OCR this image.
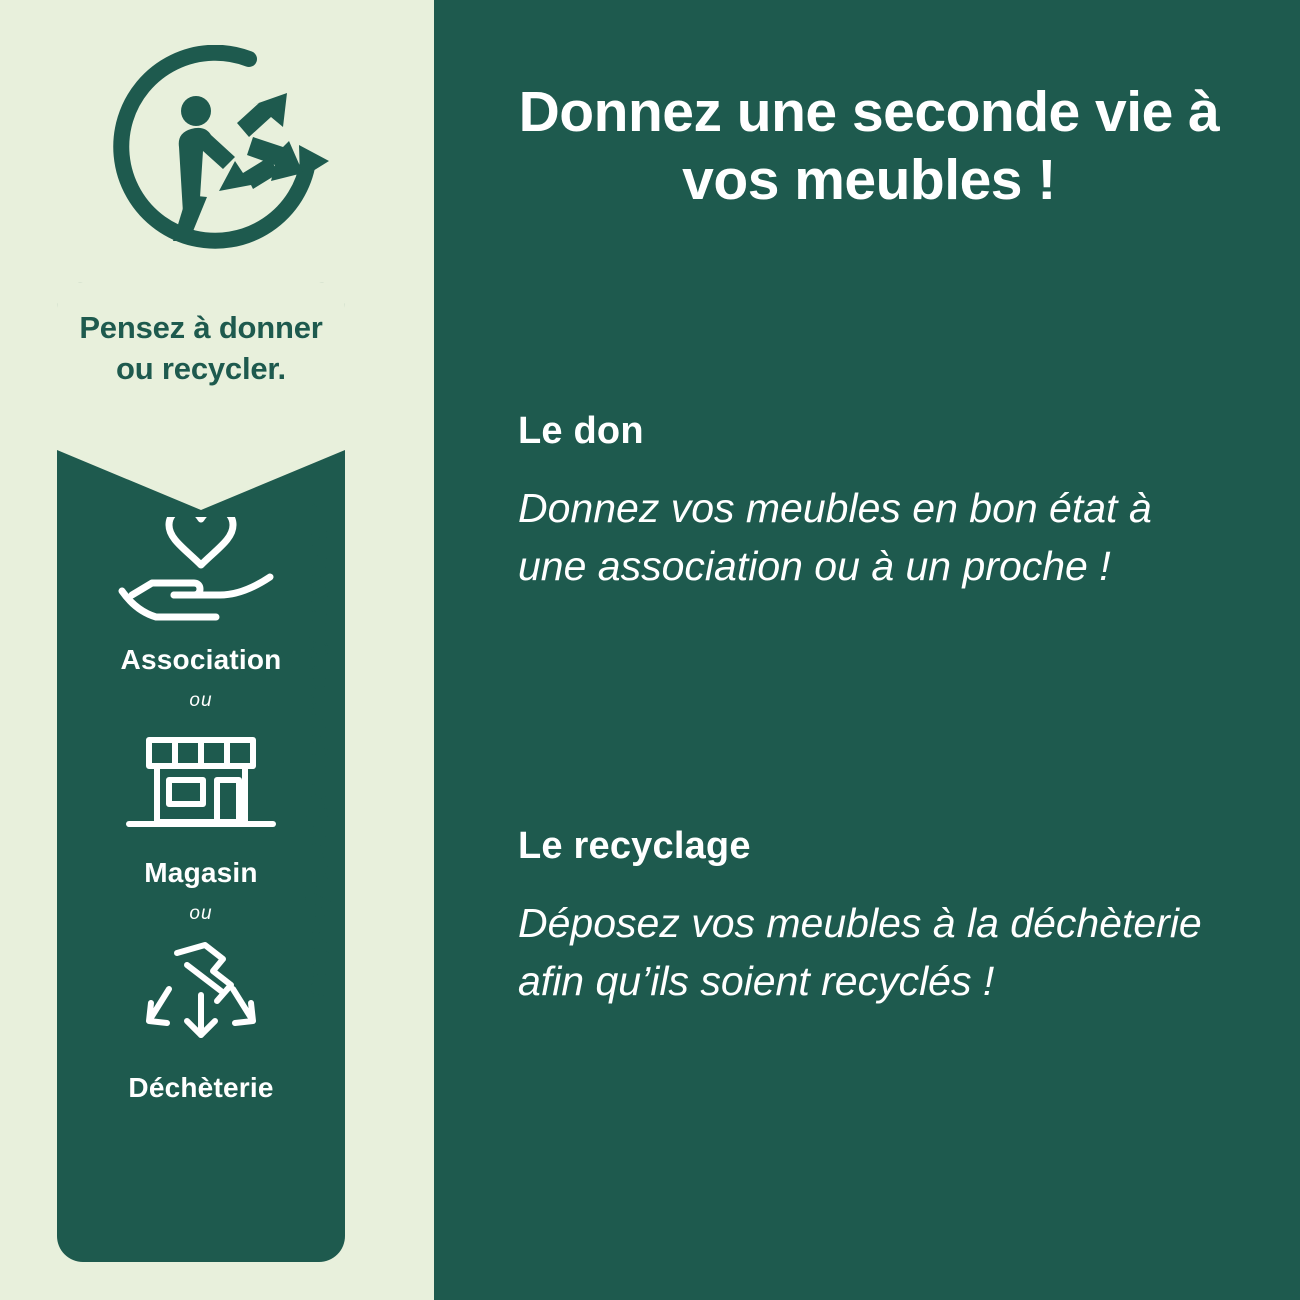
Pensez à donner ou recycler.
Association
ou
Magasin
ou
Déchèterie
https://quefairedemesdechets.fr
Donnez une seconde vie à vos meubles !
Le don
Donnez vos meubles en bon état à une association ou à un proche !
Le recyclage
Déposez vos meubles à la déchèterie afin qu’ils soient recyclés !
